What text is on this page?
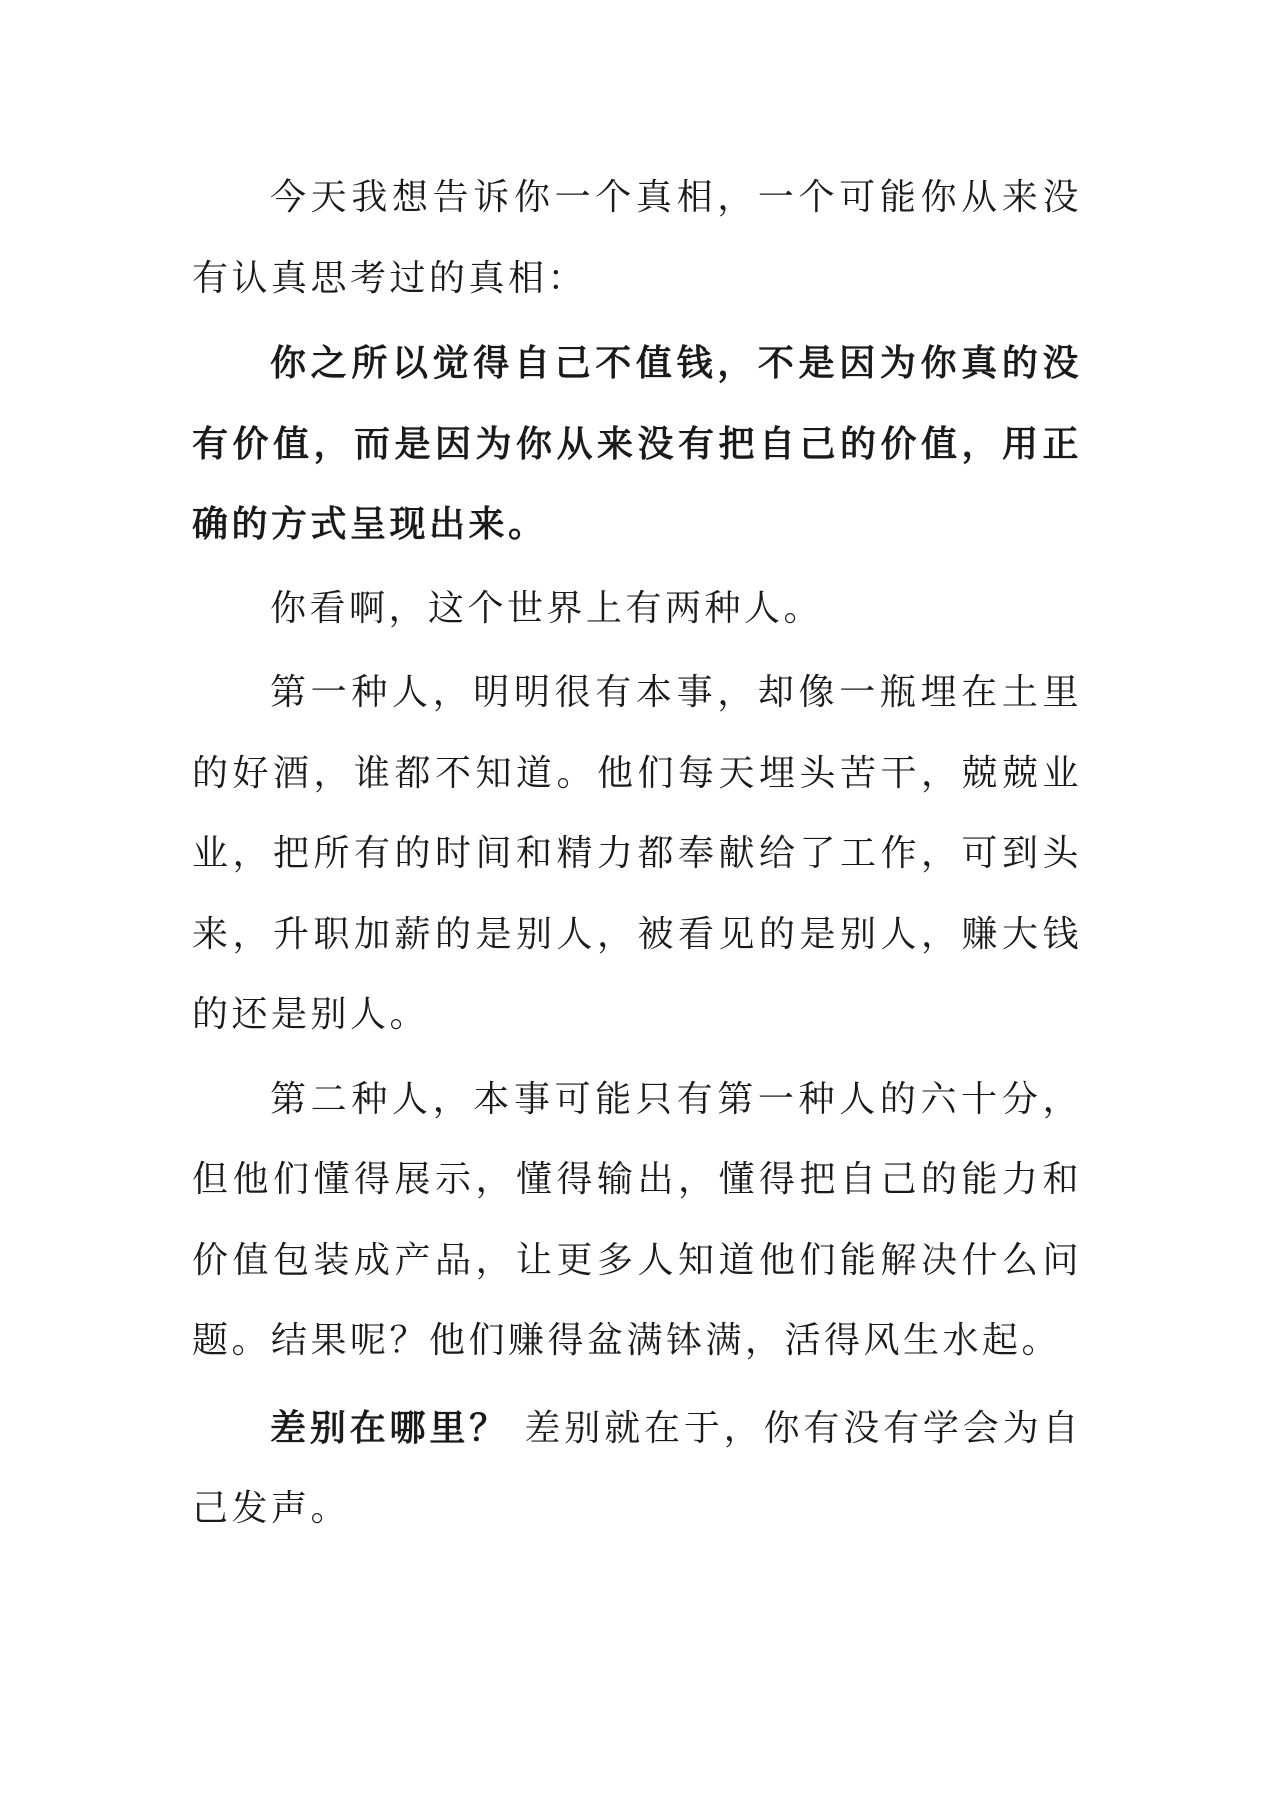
今天我想告诉你一个真相，一个可能你从来没有认真思考过的真相：

你之所以觉得自己不值钱，不是因为你真的没有价值，而是因为你从来没有把自己的价值，用正确的方式呈现出来。

你看啊，这个世界上有两种人。

第一种人，明明很有本事，却像一瓶埋在土里的好酒，谁都不知道。他们每天埋头苦干，兢兢业业，把所有的时间和精力都奉献给了工作，可到头来，升职加薪的是别人，被看见的是别人，赚大钱的还是别人。

第二种人，本事可能只有第一种人的六十分，但他们懂得展示，懂得输出，懂得把自己的能力和价值包装成产品，让更多人知道他们能解决什么问题。结果呢？他们赚得盆满钵满，活得风生水起。

差别在哪里？ 差别就在于，你有没有学会为自己发声。
